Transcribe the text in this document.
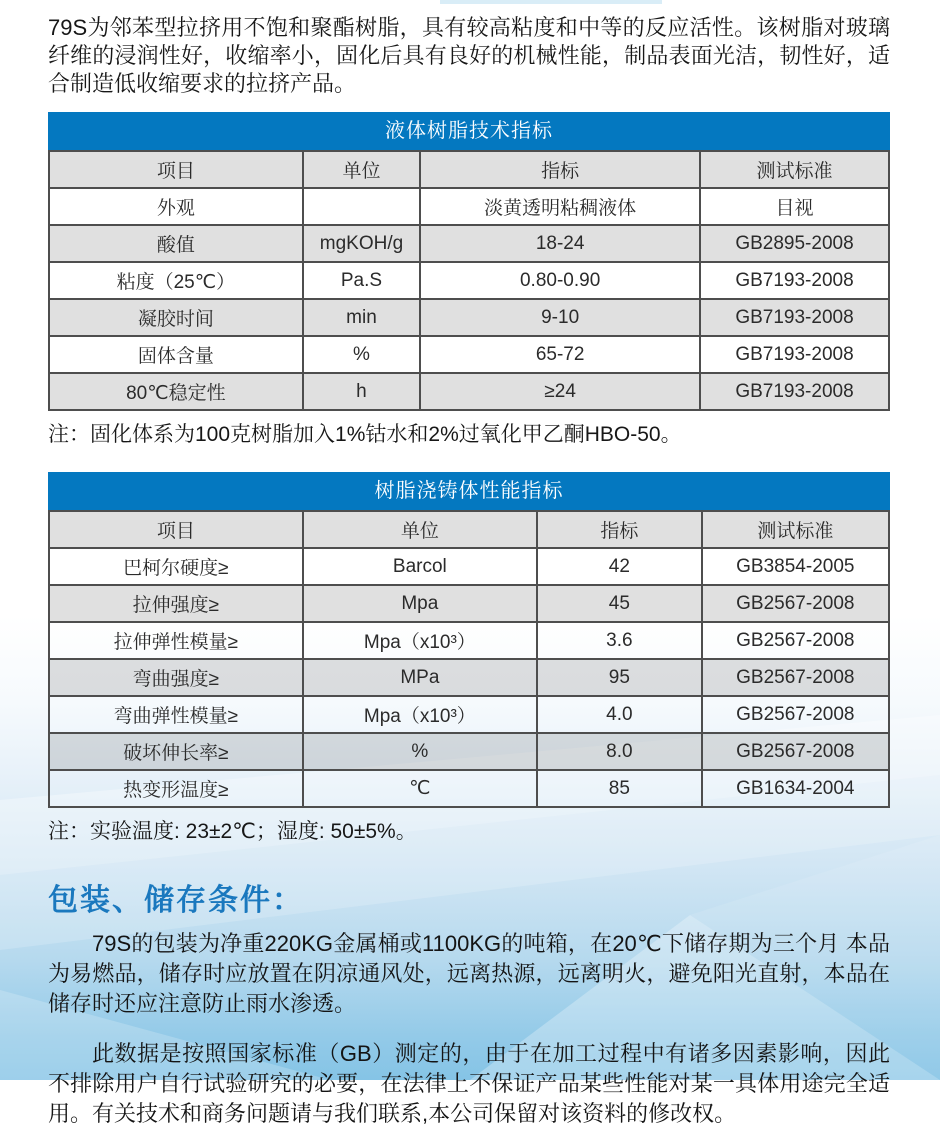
79S为邻苯型拉挤用不饱和聚酯树脂，具有较高粘度和中等的反应活性。该树脂对玻璃纤维的浸润性好，收缩率小，固化后具有良好的机械性能，制品表面光洁，韧性好，适合制造低收缩要求的拉挤产品。

液体树脂技术指标
项目	单位	指标	测试标准
外观		淡黄透明粘稠液体	目视
酸值	mgKOH/g	18-24	GB2895-2008
粘度（25℃）	Pa.S	0.80-0.90	GB7193-2008
凝胶时间	min	9-10	GB7193-2008
固体含量	%	65-72	GB7193-2008
80℃稳定性	h	≥24	GB7193-2008

注：固化体系为100克树脂加入1%钴水和2%过氧化甲乙酮HBO-50。

树脂浇铸体性能指标
项目	单位	指标	测试标准
巴柯尔硬度≥	Barcol	42	GB3854-2005
拉伸强度≥	Mpa	45	GB2567-2008
拉伸弹性模量≥	Mpa（x10³）	3.6	GB2567-2008
弯曲强度≥	MPa	95	GB2567-2008
弯曲弹性模量≥	Mpa（x10³）	4.0	GB2567-2008
破坏伸长率≥	%	8.0	GB2567-2008
热变形温度≥	℃	85	GB1634-2004

注：实验温度: 23±2℃；湿度: 50±5%。

包装、储存条件：

79S的包装为净重220KG金属桶或1100KG的吨箱，在20℃下储存期为三个月 本品为易燃品，储存时应放置在阴凉通风处，远离热源，远离明火，避免阳光直射，本品在储存时还应注意防止雨水渗透。

此数据是按照国家标准（GB）测定的，由于在加工过程中有诸多因素影响，因此不排除用户自行试验研究的必要，在法律上不保证产品某些性能对某一具体用途完全适用。有关技术和商务问题请与我们联系,本公司保留对该资料的修改权。
